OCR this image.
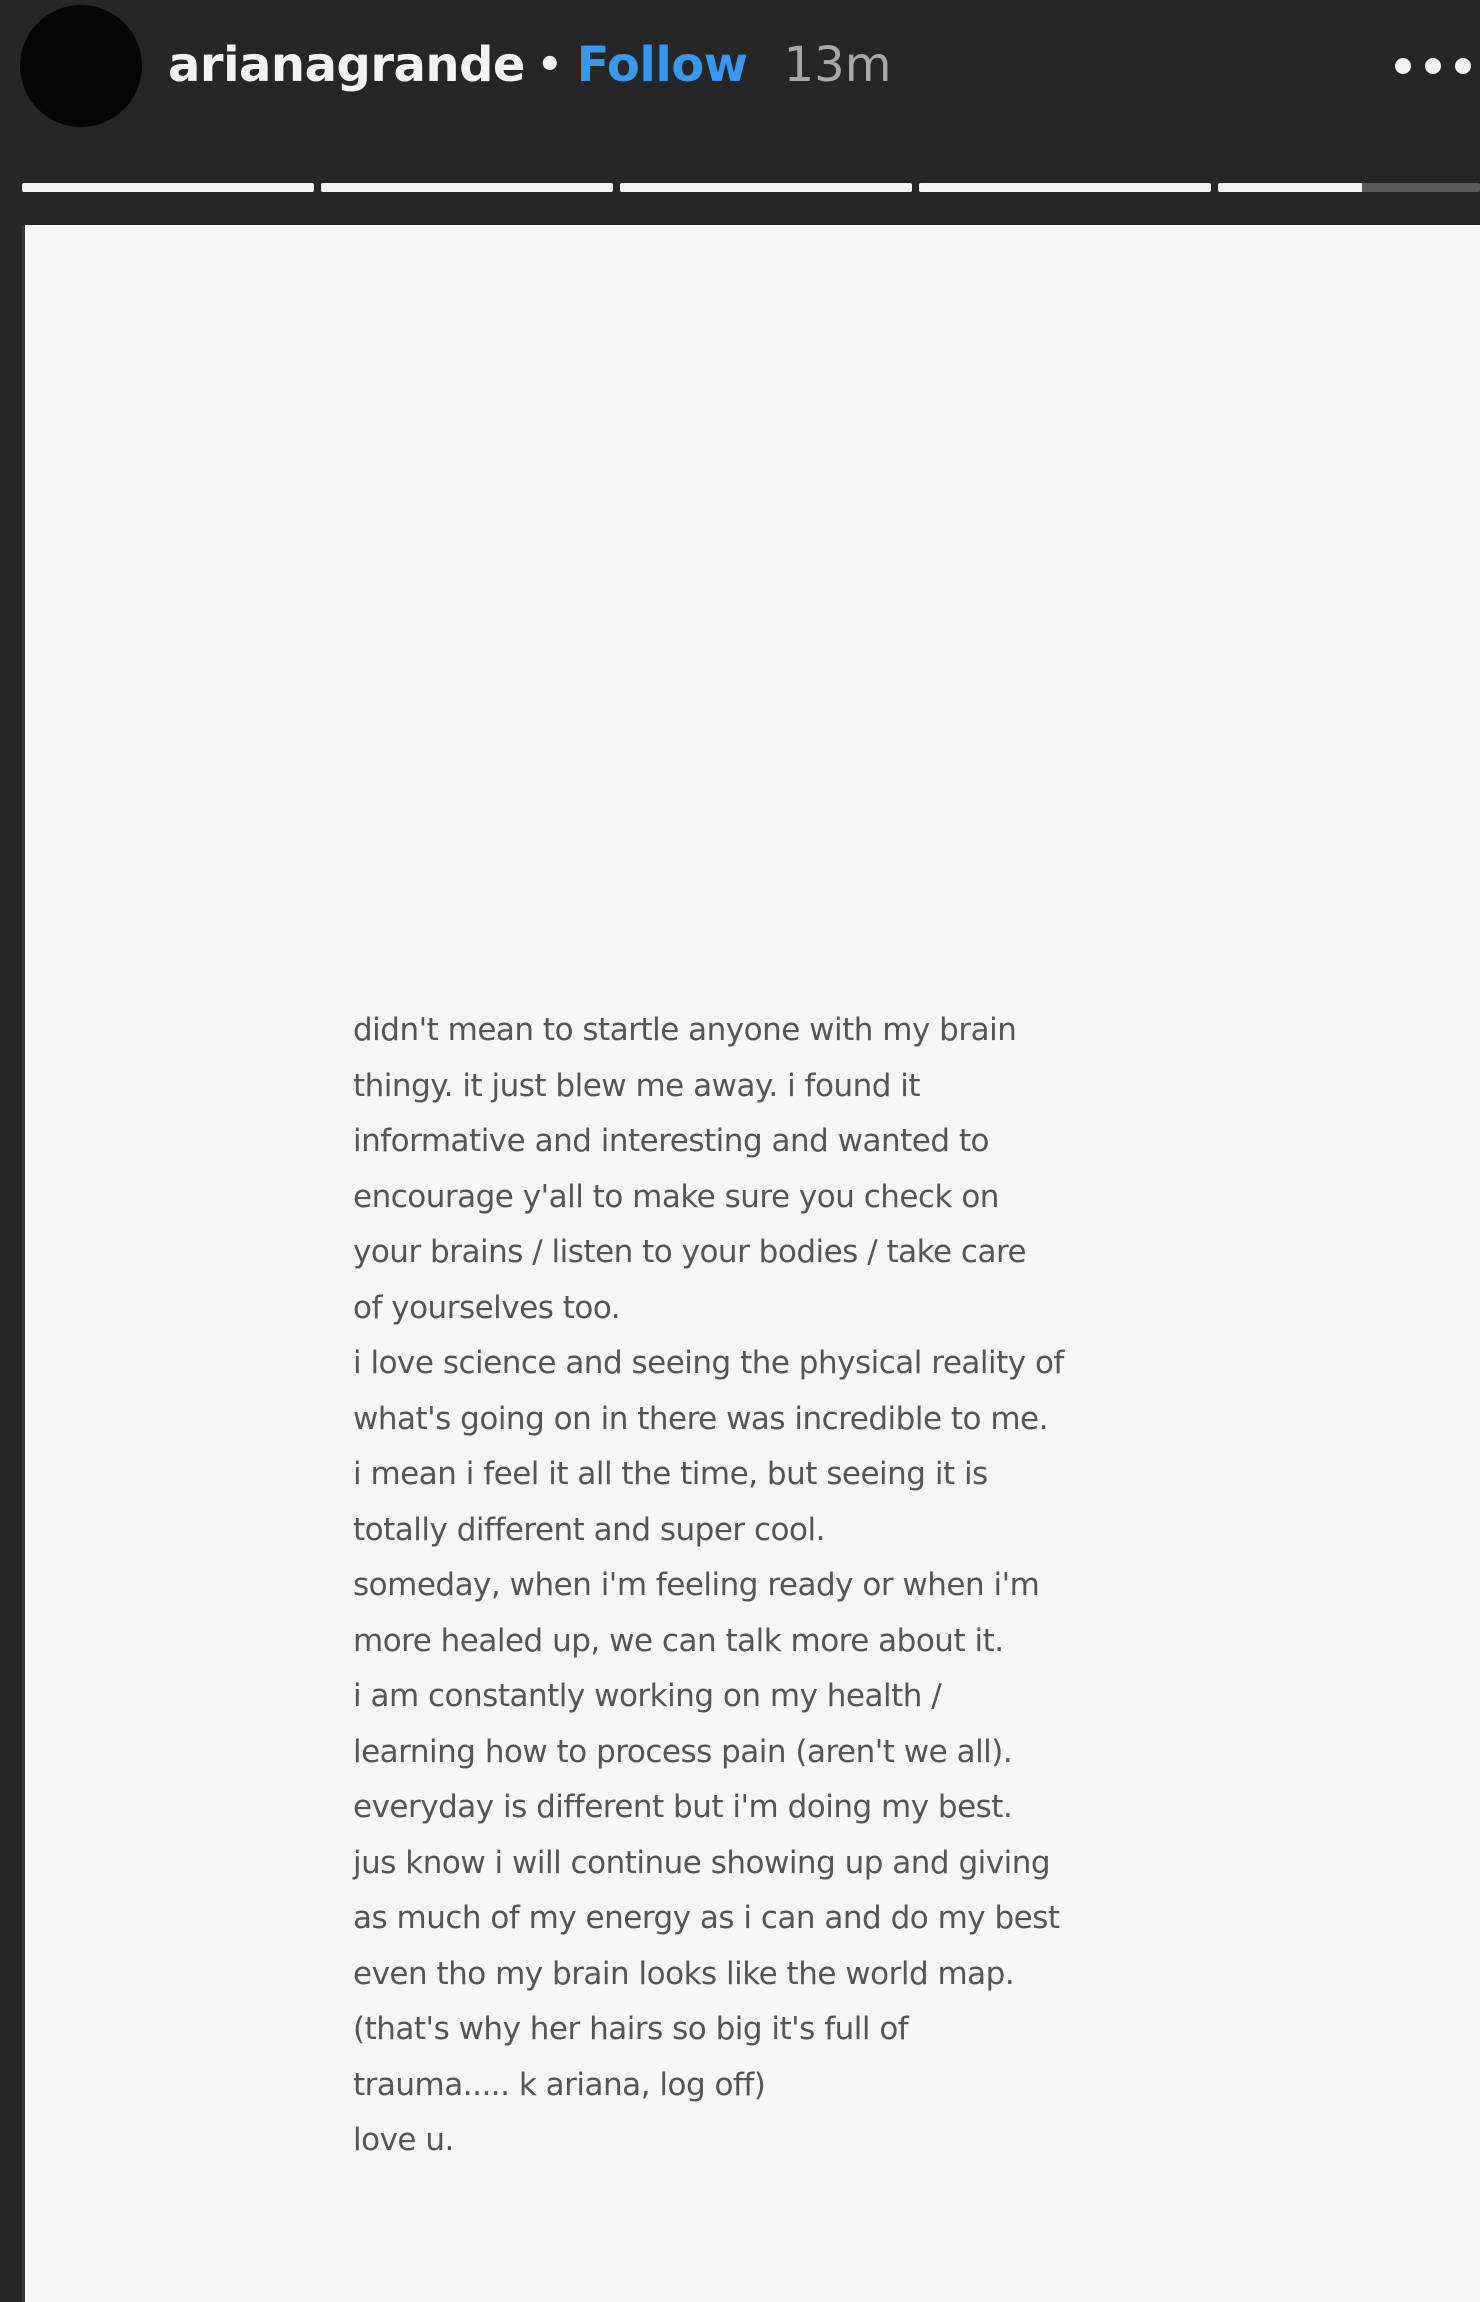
arianagrande • Follow 13m
didn't mean to startle anyone with my brain
thingy. it just blew me away. i found it
informative and interesting and wanted to
encourage y'all to make sure you check on
your brains / listen to your bodies / take care
of yourselves too.
i love science and seeing the physical reality of
what's going on in there was incredible to me.
i mean i feel it all the time, but seeing it is
totally different and super cool.
someday, when i'm feeling ready or when i'm
more healed up, we can talk more about it.
i am constantly working on my health /
learning how to process pain (aren't we all).
everyday is different but i'm doing my best.
jus know i will continue showing up and giving
as much of my energy as i can and do my best
even tho my brain looks like the world map.
(that's why her hairs so big it's full of
trauma..... k ariana, log off)
love u.
